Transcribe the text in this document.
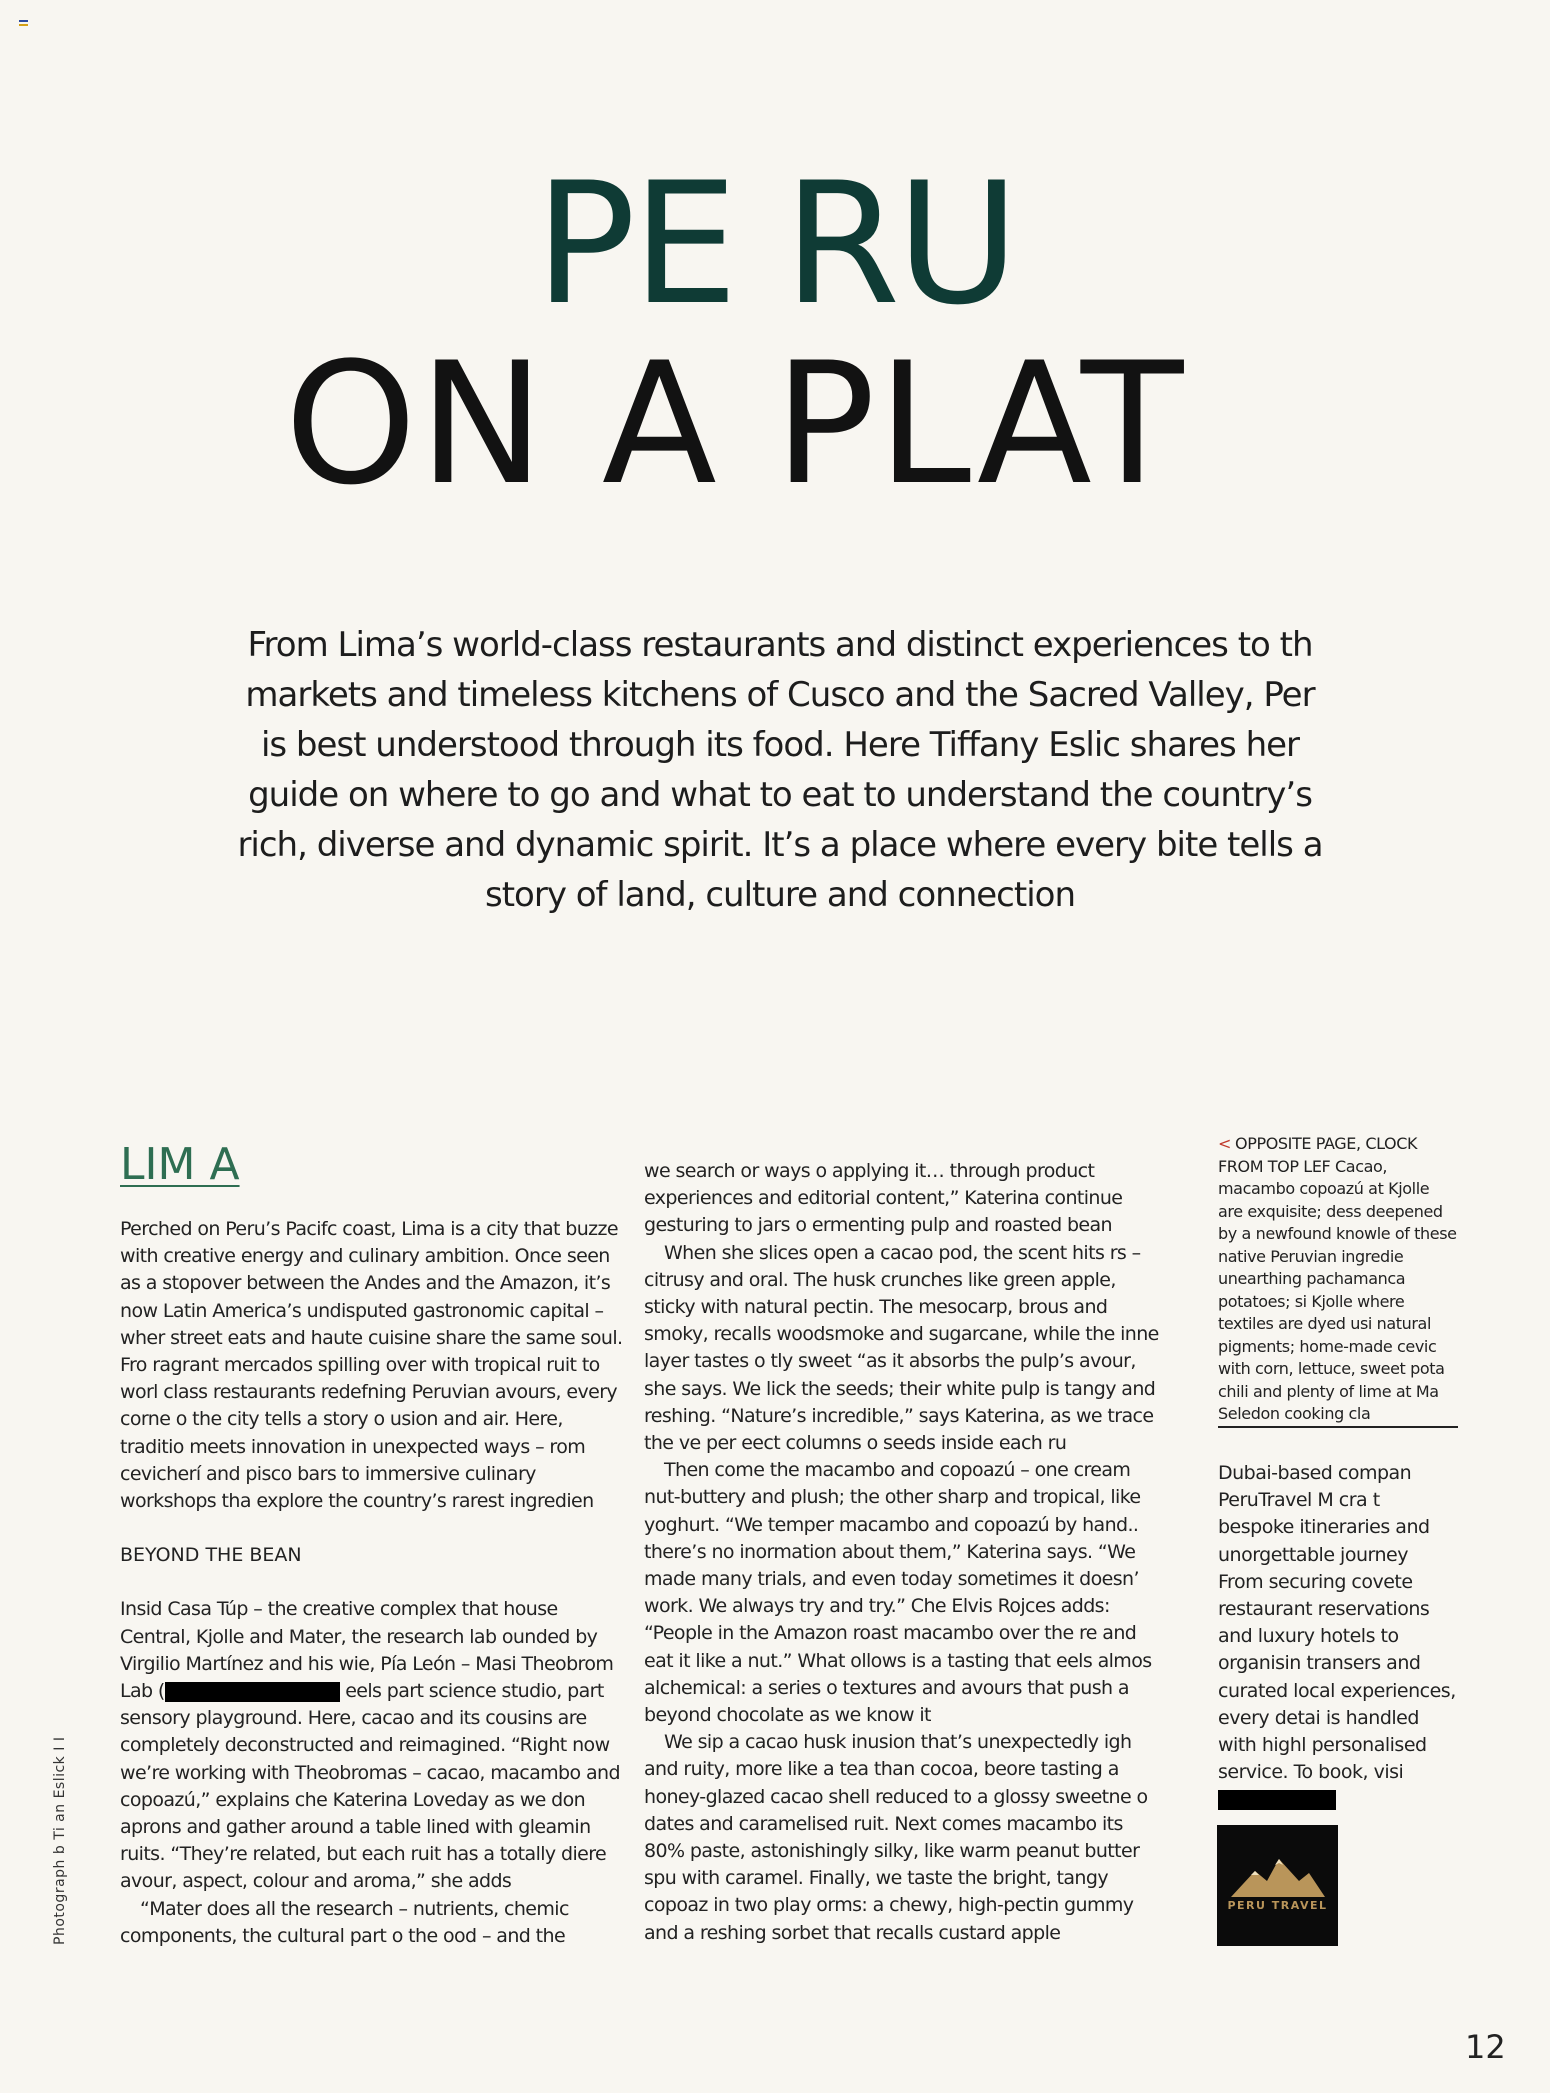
PE RU
ON A PLAT
From Lima’s world-class restaurants and distinct experiences to th markets and timeless kitchens of Cusco and the Sacred Valley, Per is best understood through its food. Here Tiffany Eslic shares her guide on where to go and what to eat to understand the country’s rich, diverse and dynamic spirit. It’s a place where every bite tells a story of land, culture and connection

LIM A

Perched on Peru’s Pacifc coast, Lima is a city that buzze with creative energy and culinary ambition. Once seen as a stopover between the Andes and the Amazon, it’s now Latin America’s undisputed gastronomic capital – wher street eats and haute cuisine share the same soul. Fro ragrant mercados spilling over with tropical ruit to worl class restaurants redefning Peruvian avours, every corne o the city tells a story o usion and air. Here, traditio meets innovation in unexpected ways – rom cevicherí and pisco bars to immersive culinary workshops tha explore the country’s rarest ingredien

BEYOND THE BEAN

Insid Casa Túp – the creative complex that house Central, Kjolle and Mater, the research lab ounded by Virgilio Martínez and his wie, Pía León – Masi Theobrom Lab (	eels part science studio, part sensory playground. Here, cacao and its cousins are completely deconstructed and reimagined. “Right now we’re working with Theobromas – cacao, macambo and copoazú,” explains che Katerina Loveday as we don aprons and gather around a table lined with gleamin ruits. “They’re related, but each ruit has a totally diere avour, aspect, colour and aroma,” she adds

“Mater does all the research – nutrients, chemic components, the cultural part o the ood – and the

we search or ways o applying it… through product experiences and editorial content,” Katerina continue gesturing to jars o ermenting pulp and roasted bean

When she slices open a cacao pod, the scent hits rs – citrusy and oral. The husk crunches like green apple, sticky with natural pectin. The mesocarp, brous and smoky, recalls woodsmoke and sugarcane, while the inne layer tastes o tly sweet “as it absorbs the pulp’s avour, she says. We lick the seeds; their white pulp is tangy and reshing. “Nature’s incredible,” says Katerina, as we trace the ve per eect columns o seeds inside each ru

Then come the macambo and copoazú – one cream nut-buttery and plush; the other sharp and tropical, like yoghurt. “We temper macambo and copoazú by hand.. there’s no inormation about them,” Katerina says. “We made many trials, and even today sometimes it doesn’ work. We always try and try.” Che Elvis Rojces adds: “People in the Amazon roast macambo over the re and eat it like a nut.” What ollows is a tasting that eels almos alchemical: a series o textures and avours that push a beyond chocolate as we know it

We sip a cacao husk inusion that’s unexpectedly igh and ruity, more like a tea than cocoa, beore tasting a honey-glazed cacao shell reduced to a glossy sweetne o dates and caramelised ruit. Next comes macambo its 80% paste, astonishingly silky, like warm peanut butter spu with caramel. Finally, we taste the bright, tangy copoaz in two play orms: a chewy, high-pectin gummy and a reshing sorbet that recalls custard apple

< OPPOSITE PAGE, CLOCK FROM TOP LEF Cacao, macambo copoazú at Kjolle are exquisite; dess deepened by a newfound knowle of these native Peruvian ingredie unearthing pachamanca potatoes; si Kjolle where textiles are dyed usi natural pigments; home-made cevic with corn, lettuce, sweet pota chili and plenty of lime at Ma Seledon cooking cla
Dubai-based compan PeruTravel M cra t bespoke itineraries and unorgettable journey From securing covete restaurant reservations and luxury hotels to organisin transers and curated local experiences, every detai is handled with highl personalised service. To book, visi
PERU TRAVEL
Photograph b Ti an Eslick I I
12
